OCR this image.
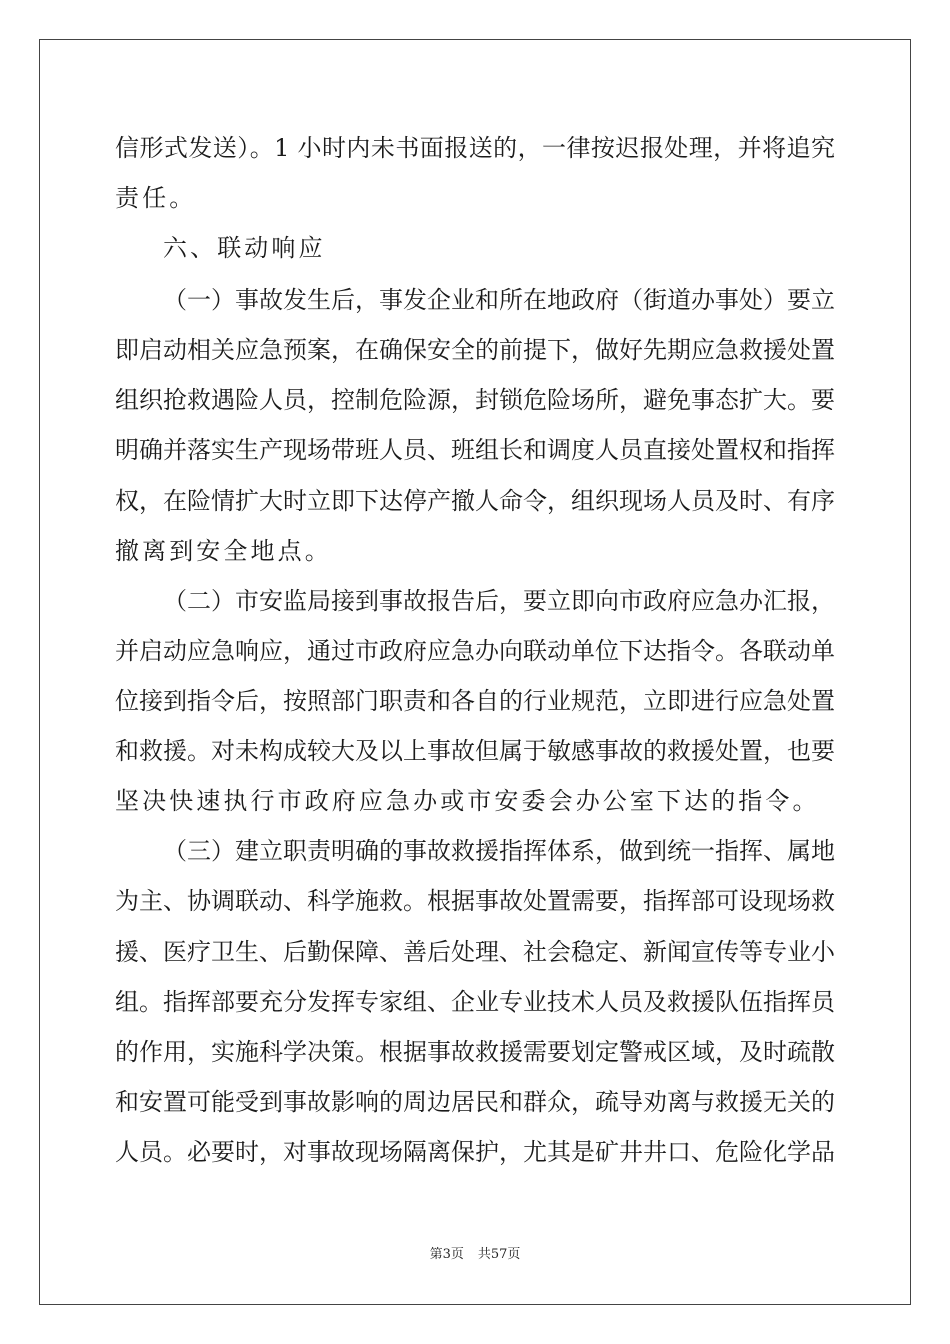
信形式发送）。1 小时内未书面报送的，一律按迟报处理，并将追究
责任。
六、联动响应
（一）事故发生后，事发企业和所在地政府（街道办事处）要立
即启动相关应急预案，在确保安全的前提下，做好先期应急救援处置
组织抢救遇险人员，控制危险源，封锁危险场所，避免事态扩大。要
明确并落实生产现场带班人员、班组长和调度人员直接处置权和指挥
权，在险情扩大时立即下达停产撤人命令，组织现场人员及时、有序
撤离到安全地点。
（二）市安监局接到事故报告后，要立即向市政府应急办汇报，
并启动应急响应，通过市政府应急办向联动单位下达指令。各联动单
位接到指令后，按照部门职责和各自的行业规范，立即进行应急处置
和救援。对未构成较大及以上事故但属于敏感事故的救援处置，也要
坚决快速执行市政府应急办或市安委会办公室下达的指令。
（三）建立职责明确的事故救援指挥体系，做到统一指挥、属地
为主、协调联动、科学施救。根据事故处置需要，指挥部可设现场救
援、医疗卫生、后勤保障、善后处理、社会稳定、新闻宣传等专业小
组。指挥部要充分发挥专家组、企业专业技术人员及救援队伍指挥员
的作用，实施科学决策。根据事故救援需要划定警戒区域，及时疏散
和安置可能受到事故影响的周边居民和群众，疏导劝离与救援无关的
人员。必要时，对事故现场隔离保护，尤其是矿井井口、危险化学品
第3页 共57页
